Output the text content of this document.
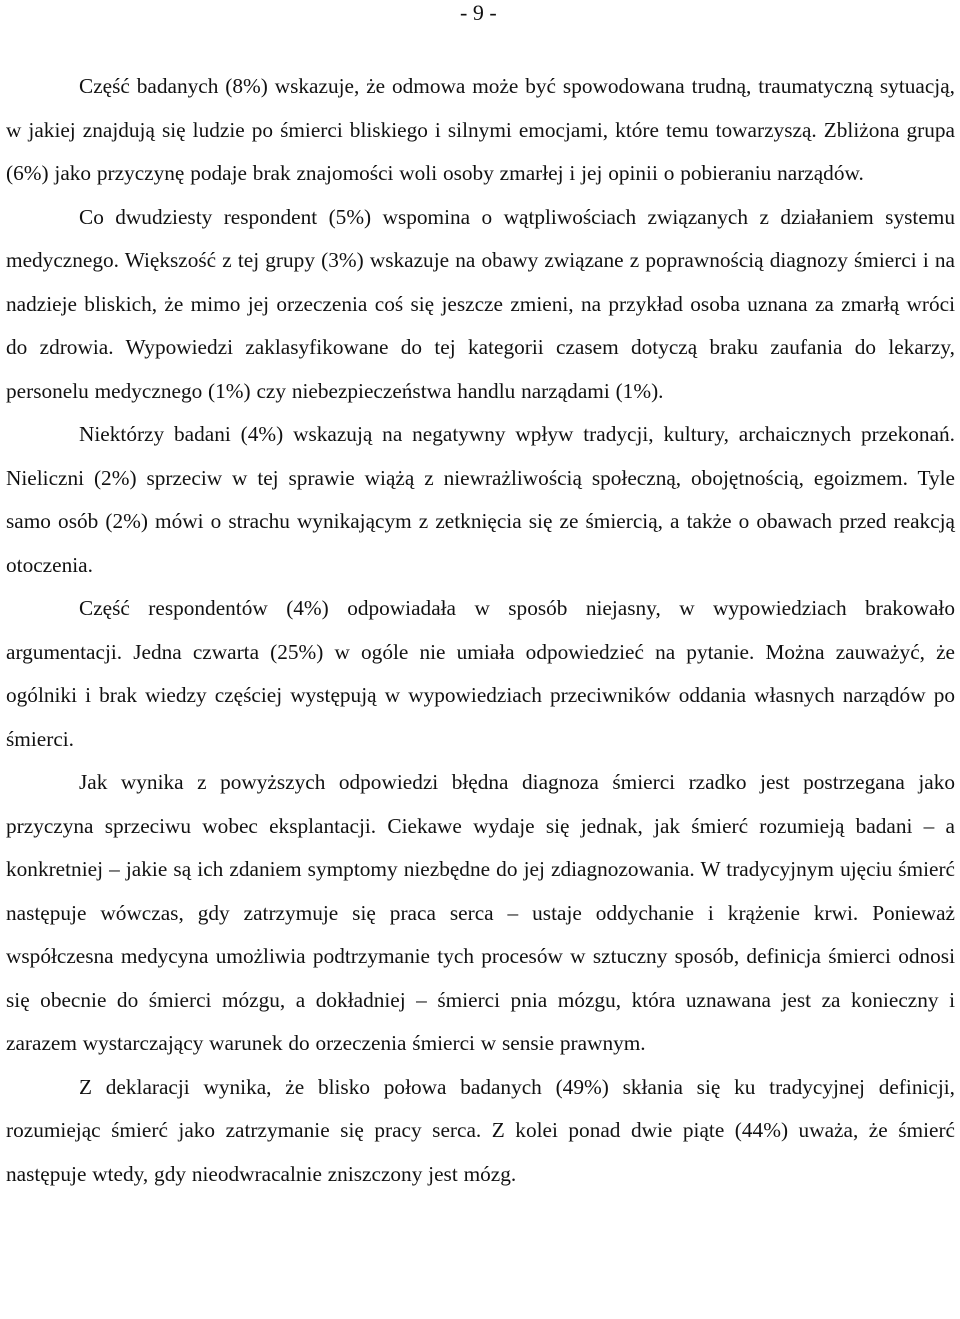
- 9 -

Część badanych (8%) wskazuje, że odmowa może być spowodowana trudną, traumatyczną sytuacją, w jakiej znajdują się ludzie po śmierci bliskiego i silnymi emocjami, które temu towarzyszą. Zbliżona grupa (6%) jako przyczynę podaje brak znajomości woli osoby zmarłej i jej opinii o pobieraniu narządów.

Co dwudziesty respondent (5%) wspomina o wątpliwościach związanych z działaniem systemu medycznego. Większość z tej grupy (3%) wskazuje na obawy związane z poprawnością diagnozy śmierci i na nadzieje bliskich, że mimo jej orzeczenia coś się jeszcze zmieni, na przykład osoba uznana za zmarłą wróci do zdrowia. Wypowiedzi zaklasyfikowane do tej kategorii czasem dotyczą braku zaufania do lekarzy, personelu medycznego (1%) czy niebezpieczeństwa handlu narządami (1%).

Niektórzy badani (4%) wskazują na negatywny wpływ tradycji, kultury, archaicznych przekonań. Nieliczni (2%) sprzeciw w tej sprawie wiążą z niewrażliwością społeczną, obojętnością, egoizmem. Tyle samo osób (2%) mówi o strachu wynikającym z zetknięcia się ze śmiercią, a także o obawach przed reakcją otoczenia.

Część respondentów (4%) odpowiadała w sposób niejasny, w wypowiedziach brakowało argumentacji. Jedna czwarta (25%) w ogóle nie umiała odpowiedzieć na pytanie. Można zauważyć, że ogólniki i brak wiedzy częściej występują w wypowiedziach przeciwników oddania własnych narządów po śmierci.

Jak wynika z powyższych odpowiedzi błędna diagnoza śmierci rzadko jest postrzegana jako przyczyna sprzeciwu wobec eksplantacji. Ciekawe wydaje się jednak, jak śmierć rozumieją badani – a konkretniej – jakie są ich zdaniem symptomy niezbędne do jej zdiagnozowania. W tradycyjnym ujęciu śmierć następuje wówczas, gdy zatrzymuje się praca serca – ustaje oddychanie i krążenie krwi. Ponieważ współczesna medycyna umożliwia podtrzymanie tych procesów w sztuczny sposób, definicja śmierci odnosi się obecnie do śmierci mózgu, a dokładniej – śmierci pnia mózgu, która uznawana jest za konieczny i zarazem wystarczający warunek do orzeczenia śmierci w sensie prawnym.

Z deklaracji wynika, że blisko połowa badanych (49%) skłania się ku tradycyjnej definicji, rozumiejąc śmierć jako zatrzymanie się pracy serca. Z kolei ponad dwie piąte (44%) uważa, że śmierć następuje wtedy, gdy nieodwracalnie zniszczony jest mózg.
